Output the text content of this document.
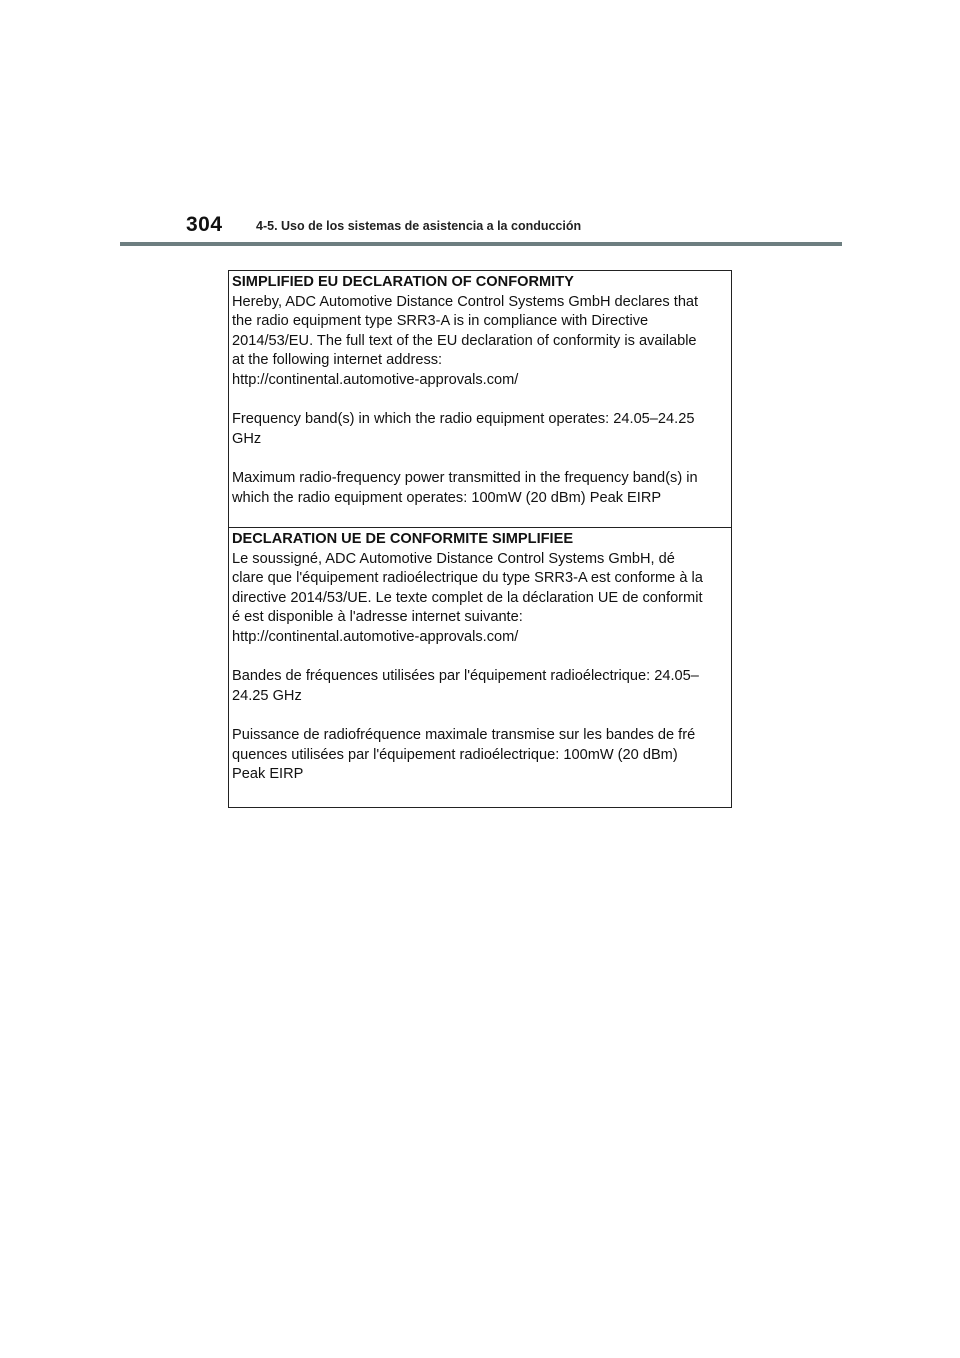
304	4-5. Uso de los sistemas de asistencia a la conducción

SIMPLIFIED EU DECLARATION OF CONFORMITY

Hereby, ADC Automotive Distance Control Systems GmbH declares that

the radio equipment type SRR3-A is in compliance with Directive

2014/53/EU. The full text of the EU declaration of conformity is available

at the following internet address:

http://continental.automotive-approvals.com/

Frequency band(s) in which the radio equipment operates: 24.05–24.25

GHz

Maximum radio-frequency power transmitted in the frequency band(s) in

which the radio equipment operates: 100mW (20 dBm) Peak EIRP

DECLARATION UE DE CONFORMITE SIMPLIFIEE

Le soussigné, ADC Automotive Distance Control Systems GmbH, dé

clare que l'équipement radioélectrique du type SRR3-A est conforme à la

directive 2014/53/UE. Le texte complet de la déclaration UE de conformit

é est disponible à l'adresse internet suivante:

http://continental.automotive-approvals.com/

Bandes de fréquences utilisées par l'équipement radioélectrique: 24.05–

24.25 GHz

Puissance de radiofréquence maximale transmise sur les bandes de fré

quences utilisées par l'équipement radioélectrique: 100mW (20 dBm)

Peak EIRP
